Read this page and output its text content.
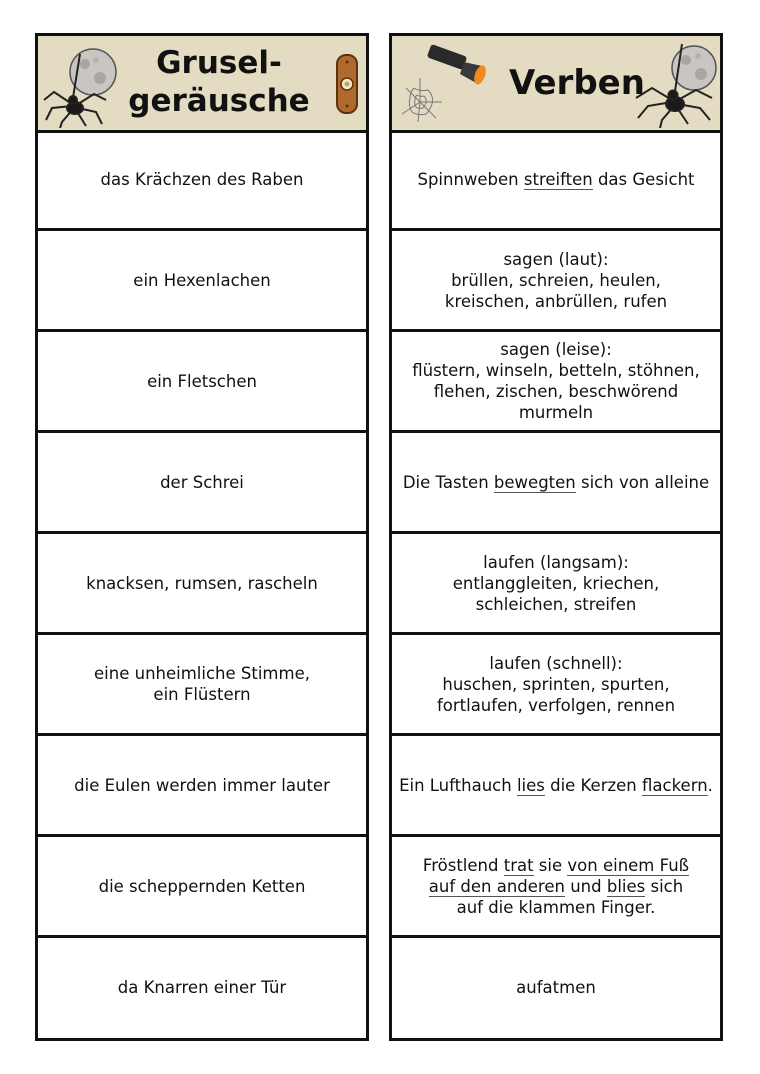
Grusel-
geräusche
das Krächzen des Raben
ein Hexenlachen
ein Fletschen
der Schrei
knacksen, rumsen, rascheln
eine unheimliche Stimme,
ein Flüstern
die Eulen werden immer lauter
die scheppernden Ketten
da Knarren einer Tür
Verben
Spinnweben streiften das Gesicht
sagen (laut):
brüllen, schreien, heulen,
kreischen, anbrüllen, rufen
sagen (leise):
flüstern, winseln, betteln, stöhnen,
flehen, zischen, beschwörend murmeln
Die Tasten bewegten sich von alleine
laufen (langsam):
entlanggleiten, kriechen,
schleichen, streifen
laufen (schnell):
huschen, sprinten, spurten,
fortlaufen, verfolgen, rennen
Ein Lufthauch lies die Kerzen flackern.
Fröstlend trat sie von einem Fuß
auf den anderen und blies sich
auf die klammen Finger.
aufatmen
